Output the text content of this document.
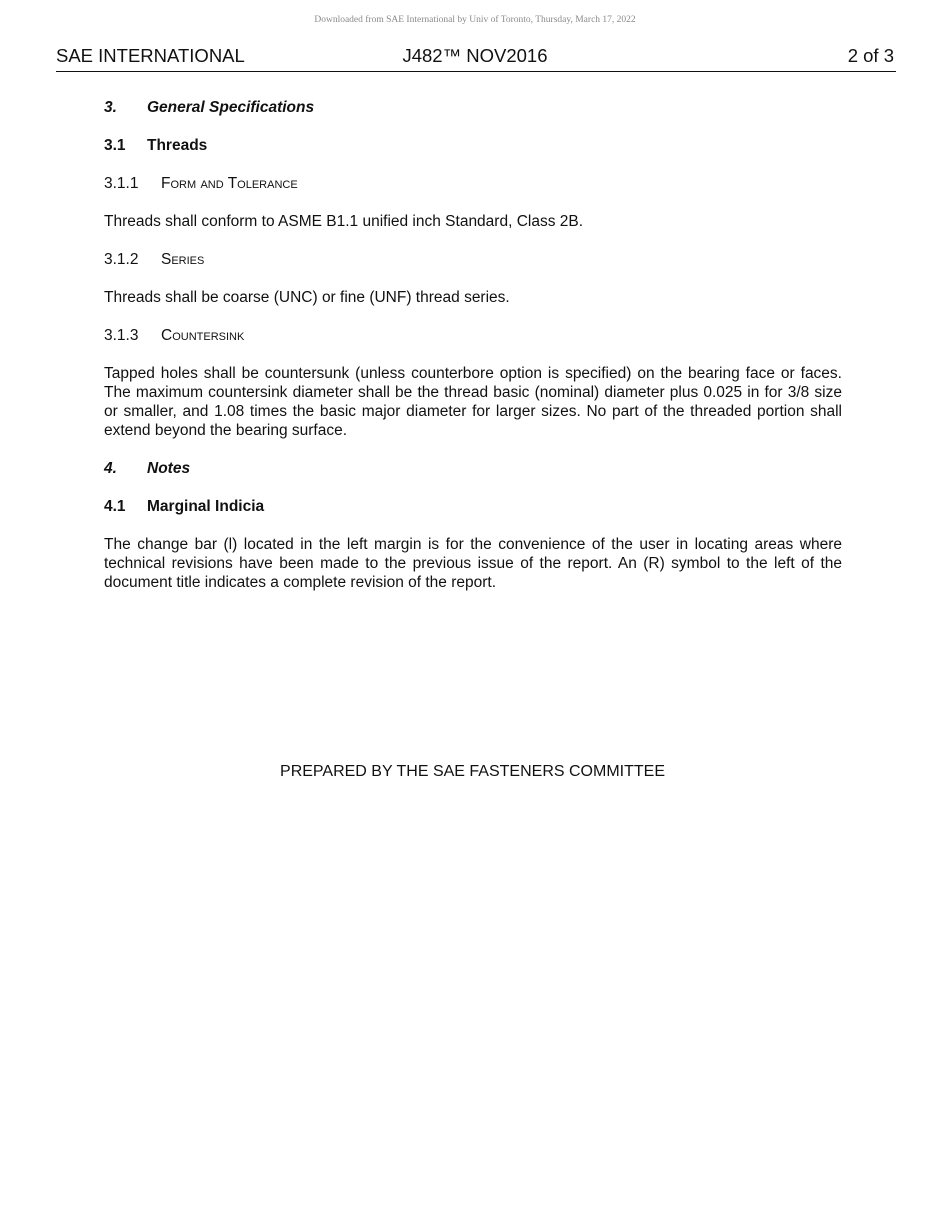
Downloaded from SAE International by Univ of Toronto, Thursday, March 17, 2022
SAE INTERNATIONAL	J482™ NOV2016	2 of 3
3.	General Specifications
3.1	Threads
3.1.1	Form and Tolerance

Threads shall conform to ASME B1.1 unified inch Standard, Class 2B.

3.1.2	Series

Threads shall be coarse (UNC) or fine (UNF) thread series.

3.1.3	Countersink

Tapped holes shall be countersunk (unless counterbore option is specified) on the bearing face or faces. The maximum countersink diameter shall be the thread basic (nominal) diameter plus 0.025 in for 3/8 size or smaller, and 1.08 times the basic major diameter for larger sizes. No part of the threaded portion shall extend beyond the bearing surface.

4.	Notes
4.1	Marginal Indicia

The change bar (l) located in the left margin is for the convenience of the user in locating areas where technical revisions have been made to the previous issue of the report. An (R) symbol to the left of the document title indicates a complete revision of the report.

PREPARED BY THE SAE FASTENERS COMMITTEE
